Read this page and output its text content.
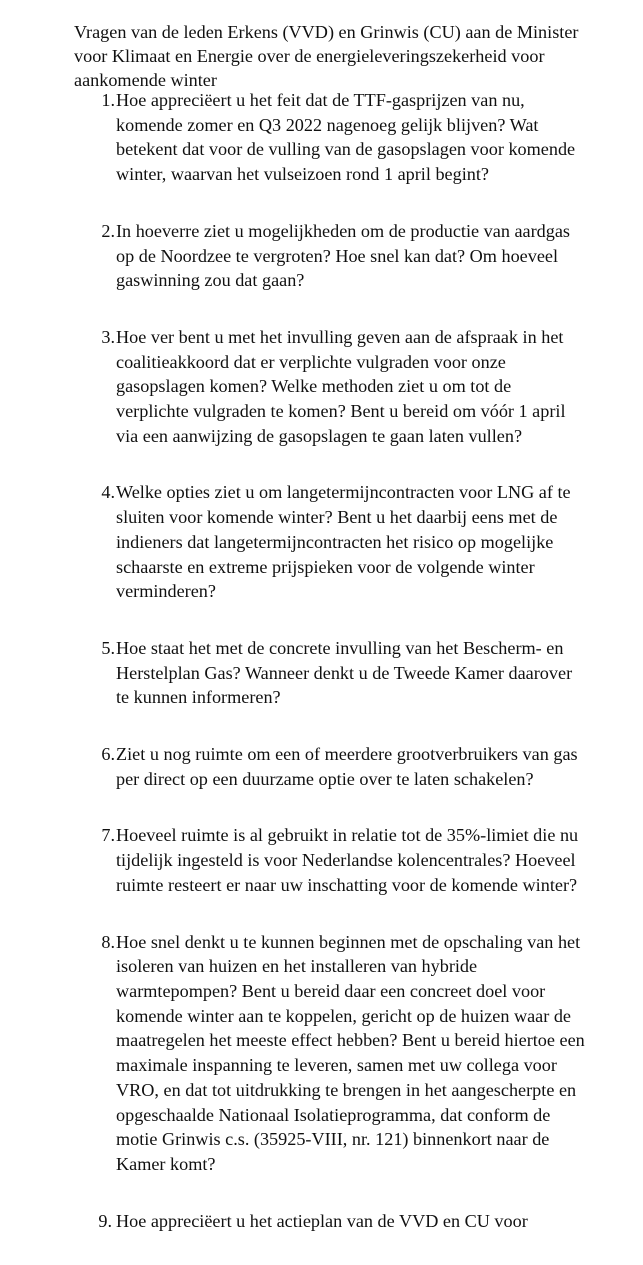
Vragen van de leden Erkens (VVD) en Grinwis (CU) aan de Minister voor Klimaat en Energie over de energieleveringszekerheid voor aankomende winter
1. Hoe appreciëert u het feit dat de TTF-gasprijzen van nu, komende zomer en Q3 2022 nagenoeg gelijk blijven? Wat betekent dat voor de vulling van de gasopslagen voor komende winter, waarvan het vulseizoen rond 1 april begint?
2. In hoeverre ziet u mogelijkheden om de productie van aardgas op de Noordzee te vergroten? Hoe snel kan dat? Om hoeveel gaswinning zou dat gaan?
3. Hoe ver bent u met het invulling geven aan de afspraak in het coalitieakkoord dat er verplichte vulgraden voor onze gasopslagen komen? Welke methoden ziet u om tot de verplichte vulgraden te komen? Bent u bereid om vóór 1 april via een aanwijzing de gasopslagen te gaan laten vullen?
4. Welke opties ziet u om langetermijncontracten voor LNG af te sluiten voor komende winter? Bent u het daarbij eens met de indieners dat langetermijncontracten het risico op mogelijke schaarste en extreme prijspieken voor de volgende winter verminderen?
5. Hoe staat het met de concrete invulling van het Bescherm- en Herstelplan Gas? Wanneer denkt u de Tweede Kamer daarover te kunnen informeren?
6. Ziet u nog ruimte om een of meerdere grootverbruikers van gas per direct op een duurzame optie over te laten schakelen?
7. Hoeveel ruimte is al gebruikt in relatie tot de 35%-limiet die nu tijdelijk ingesteld is voor Nederlandse kolencentrales? Hoeveel ruimte resteert er naar uw inschatting voor de komende winter?
8. Hoe snel denkt u te kunnen beginnen met de opschaling van het isoleren van huizen en het installeren van hybride warmtepompen? Bent u bereid daar een concreet doel voor komende winter aan te koppelen, gericht op de huizen waar de maatregelen het meeste effect hebben? Bent u bereid hiertoe een maximale inspanning te leveren, samen met uw collega voor VRO, en dat tot uitdrukking te brengen in het aangescherpte en opgeschaalde Nationaal Isolatieprogramma, dat conform de motie Grinwis c.s. (35925-VIII, nr. 121) binnenkort naar de Kamer komt?
9. Hoe appreciëert u het actieplan van de VVD en CU voor
